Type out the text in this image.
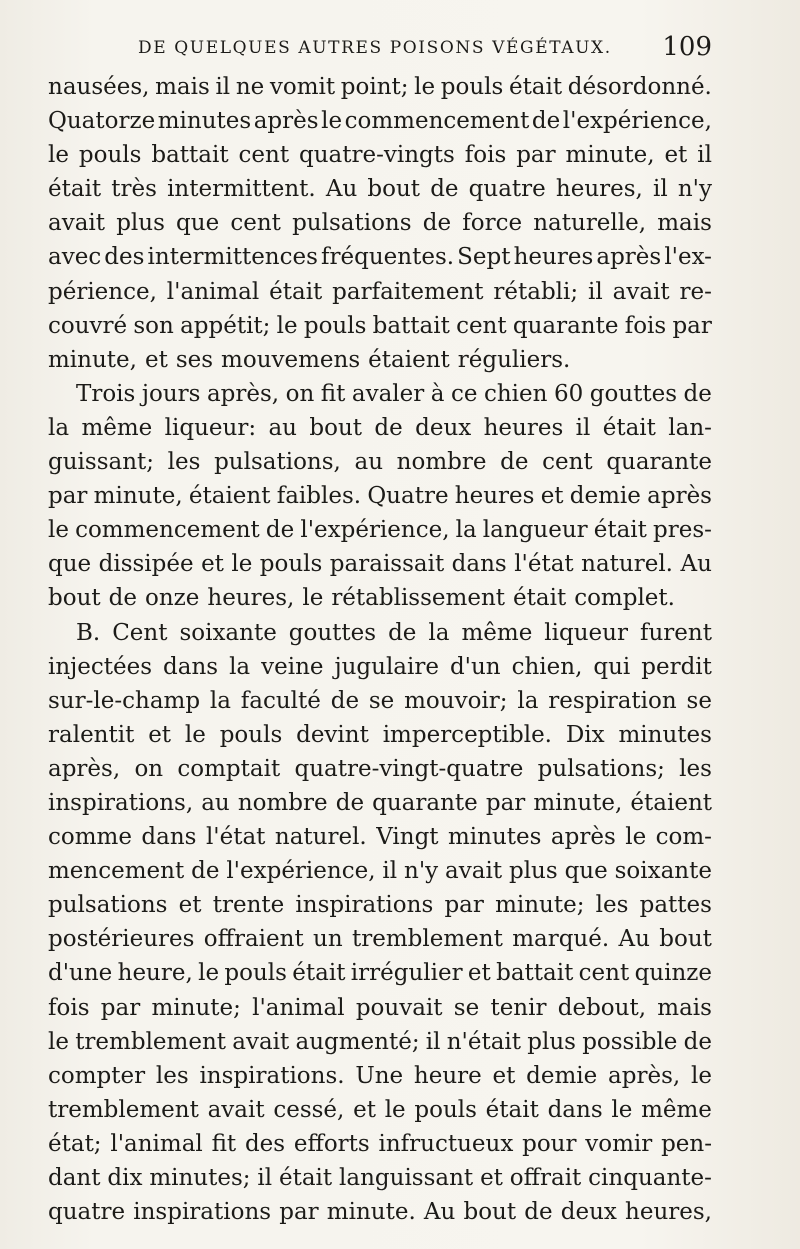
DE QUELQUES AUTRES POISONS VÉGÉTAUX. 109
nausées, mais il ne vomit point; le pouls était désordonné.
Quatorze minutes après le commencement de l'expérience,
le pouls battait cent quatre-vingts fois par minute, et il
était très intermittent. Au bout de quatre heures, il n'y
avait plus que cent pulsations de force naturelle, mais
avec des intermittences fréquentes. Sept heures après l'ex-
périence, l'animal était parfaitement rétabli; il avait re-
couvré son appétit; le pouls battait cent quarante fois par
minute, et ses mouvemens étaient réguliers.
Trois jours après, on fit avaler à ce chien 60 gouttes de
la même liqueur: au bout de deux heures il était lan-
guissant; les pulsations, au nombre de cent quarante
par minute, étaient faibles. Quatre heures et demie après
le commencement de l'expérience, la langueur était pres-
que dissipée et le pouls paraissait dans l'état naturel. Au
bout de onze heures, le rétablissement était complet.
B. Cent soixante gouttes de la même liqueur furent
injectées dans la veine jugulaire d'un chien, qui perdit
sur-le-champ la faculté de se mouvoir; la respiration se
ralentit et le pouls devint imperceptible. Dix minutes
après, on comptait quatre-vingt-quatre pulsations; les
inspirations, au nombre de quarante par minute, étaient
comme dans l'état naturel. Vingt minutes après le com-
mencement de l'expérience, il n'y avait plus que soixante
pulsations et trente inspirations par minute; les pattes
postérieures offraient un tremblement marqué. Au bout
d'une heure, le pouls était irrégulier et battait cent quinze
fois par minute; l'animal pouvait se tenir debout, mais
le tremblement avait augmenté; il n'était plus possible de
compter les inspirations. Une heure et demie après, le
tremblement avait cessé, et le pouls était dans le même
état; l'animal fit des efforts infructueux pour vomir pen-
dant dix minutes; il était languissant et offrait cinquante-
quatre inspirations par minute. Au bout de deux heures,
